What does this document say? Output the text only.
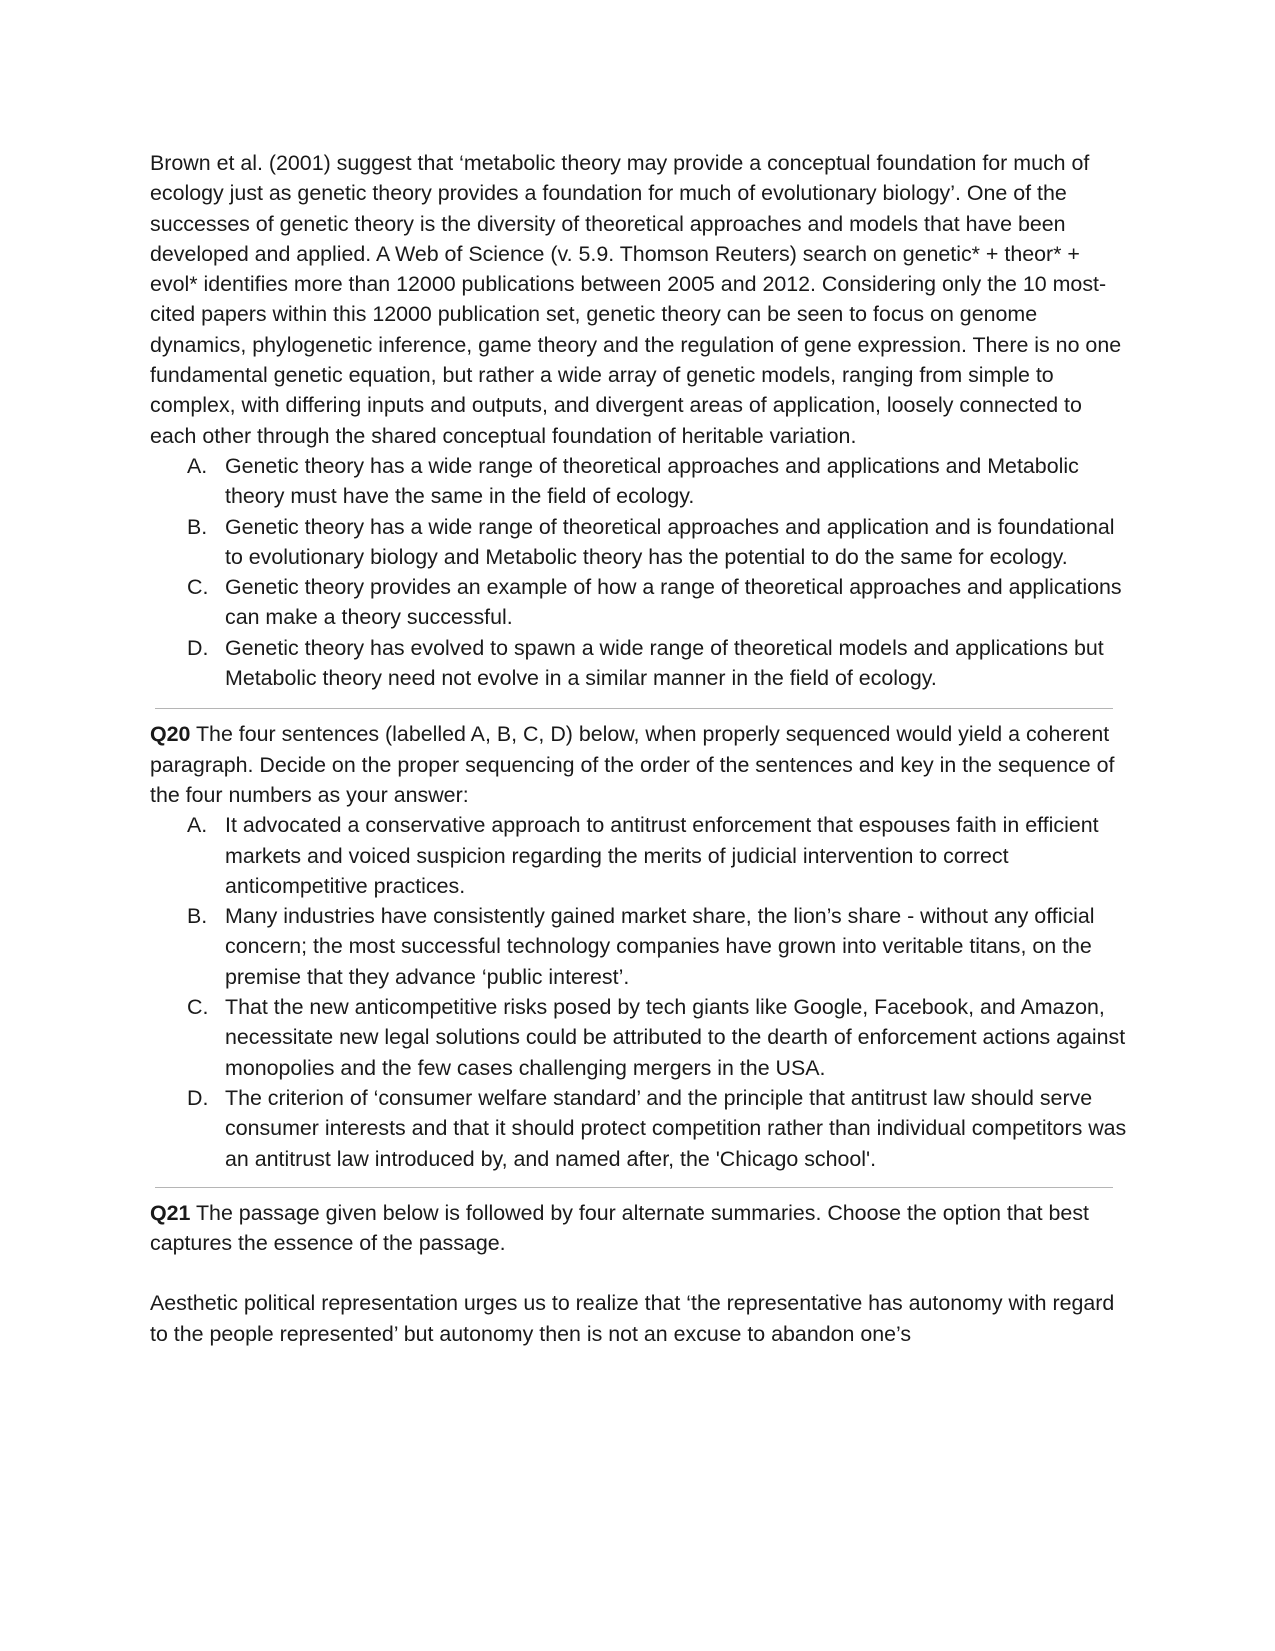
Brown et al. (2001) suggest that ‘metabolic theory may provide a conceptual foundation for much of ecology just as genetic theory provides a foundation for much of evolutionary biology’. One of the successes of genetic theory is the diversity of theoretical approaches and models that have been developed and applied. A Web of Science (v. 5.9. Thomson Reuters) search on genetic* + theor* + evol* identifies more than 12000 publications between 2005 and 2012. Considering only the 10 most-cited papers within this 12000 publication set, genetic theory can be seen to focus on genome dynamics, phylogenetic inference, game theory and the regulation of gene expression. There is no one fundamental genetic equation, but rather a wide array of genetic models, ranging from simple to complex, with differing inputs and outputs, and divergent areas of application, loosely connected to each other through the shared conceptual foundation of heritable variation.

A. Genetic theory has a wide range of theoretical approaches and applications and Metabolic theory must have the same in the field of ecology.
B. Genetic theory has a wide range of theoretical approaches and application and is foundational to evolutionary biology and Metabolic theory has the potential to do the same for ecology.
C. Genetic theory provides an example of how a range of theoretical approaches and applications can make a theory successful.
D. Genetic theory has evolved to spawn a wide range of theoretical models and applications but Metabolic theory need not evolve in a similar manner in the field of ecology.

Q20 The four sentences (labelled A, B, C, D) below, when properly sequenced would yield a coherent paragraph. Decide on the proper sequencing of the order of the sentences and key in the sequence of the four numbers as your answer:

A. It advocated a conservative approach to antitrust enforcement that espouses faith in efficient markets and voiced suspicion regarding the merits of judicial intervention to correct anticompetitive practices.
B. Many industries have consistently gained market share, the lion’s share - without any official concern; the most successful technology companies have grown into veritable titans, on the premise that they advance ‘public interest’.
C. That the new anticompetitive risks posed by tech giants like Google, Facebook, and Amazon, necessitate new legal solutions could be attributed to the dearth of enforcement actions against monopolies and the few cases challenging mergers in the USA.
D. The criterion of ‘consumer welfare standard’ and the principle that antitrust law should serve consumer interests and that it should protect competition rather than individual competitors was an antitrust law introduced by, and named after, the 'Chicago school'.

Q21 The passage given below is followed by four alternate summaries. Choose the option that best captures the essence of the passage.

Aesthetic political representation urges us to realize that ‘the representative has autonomy with regard to the people represented’ but autonomy then is not an excuse to abandon one’s
